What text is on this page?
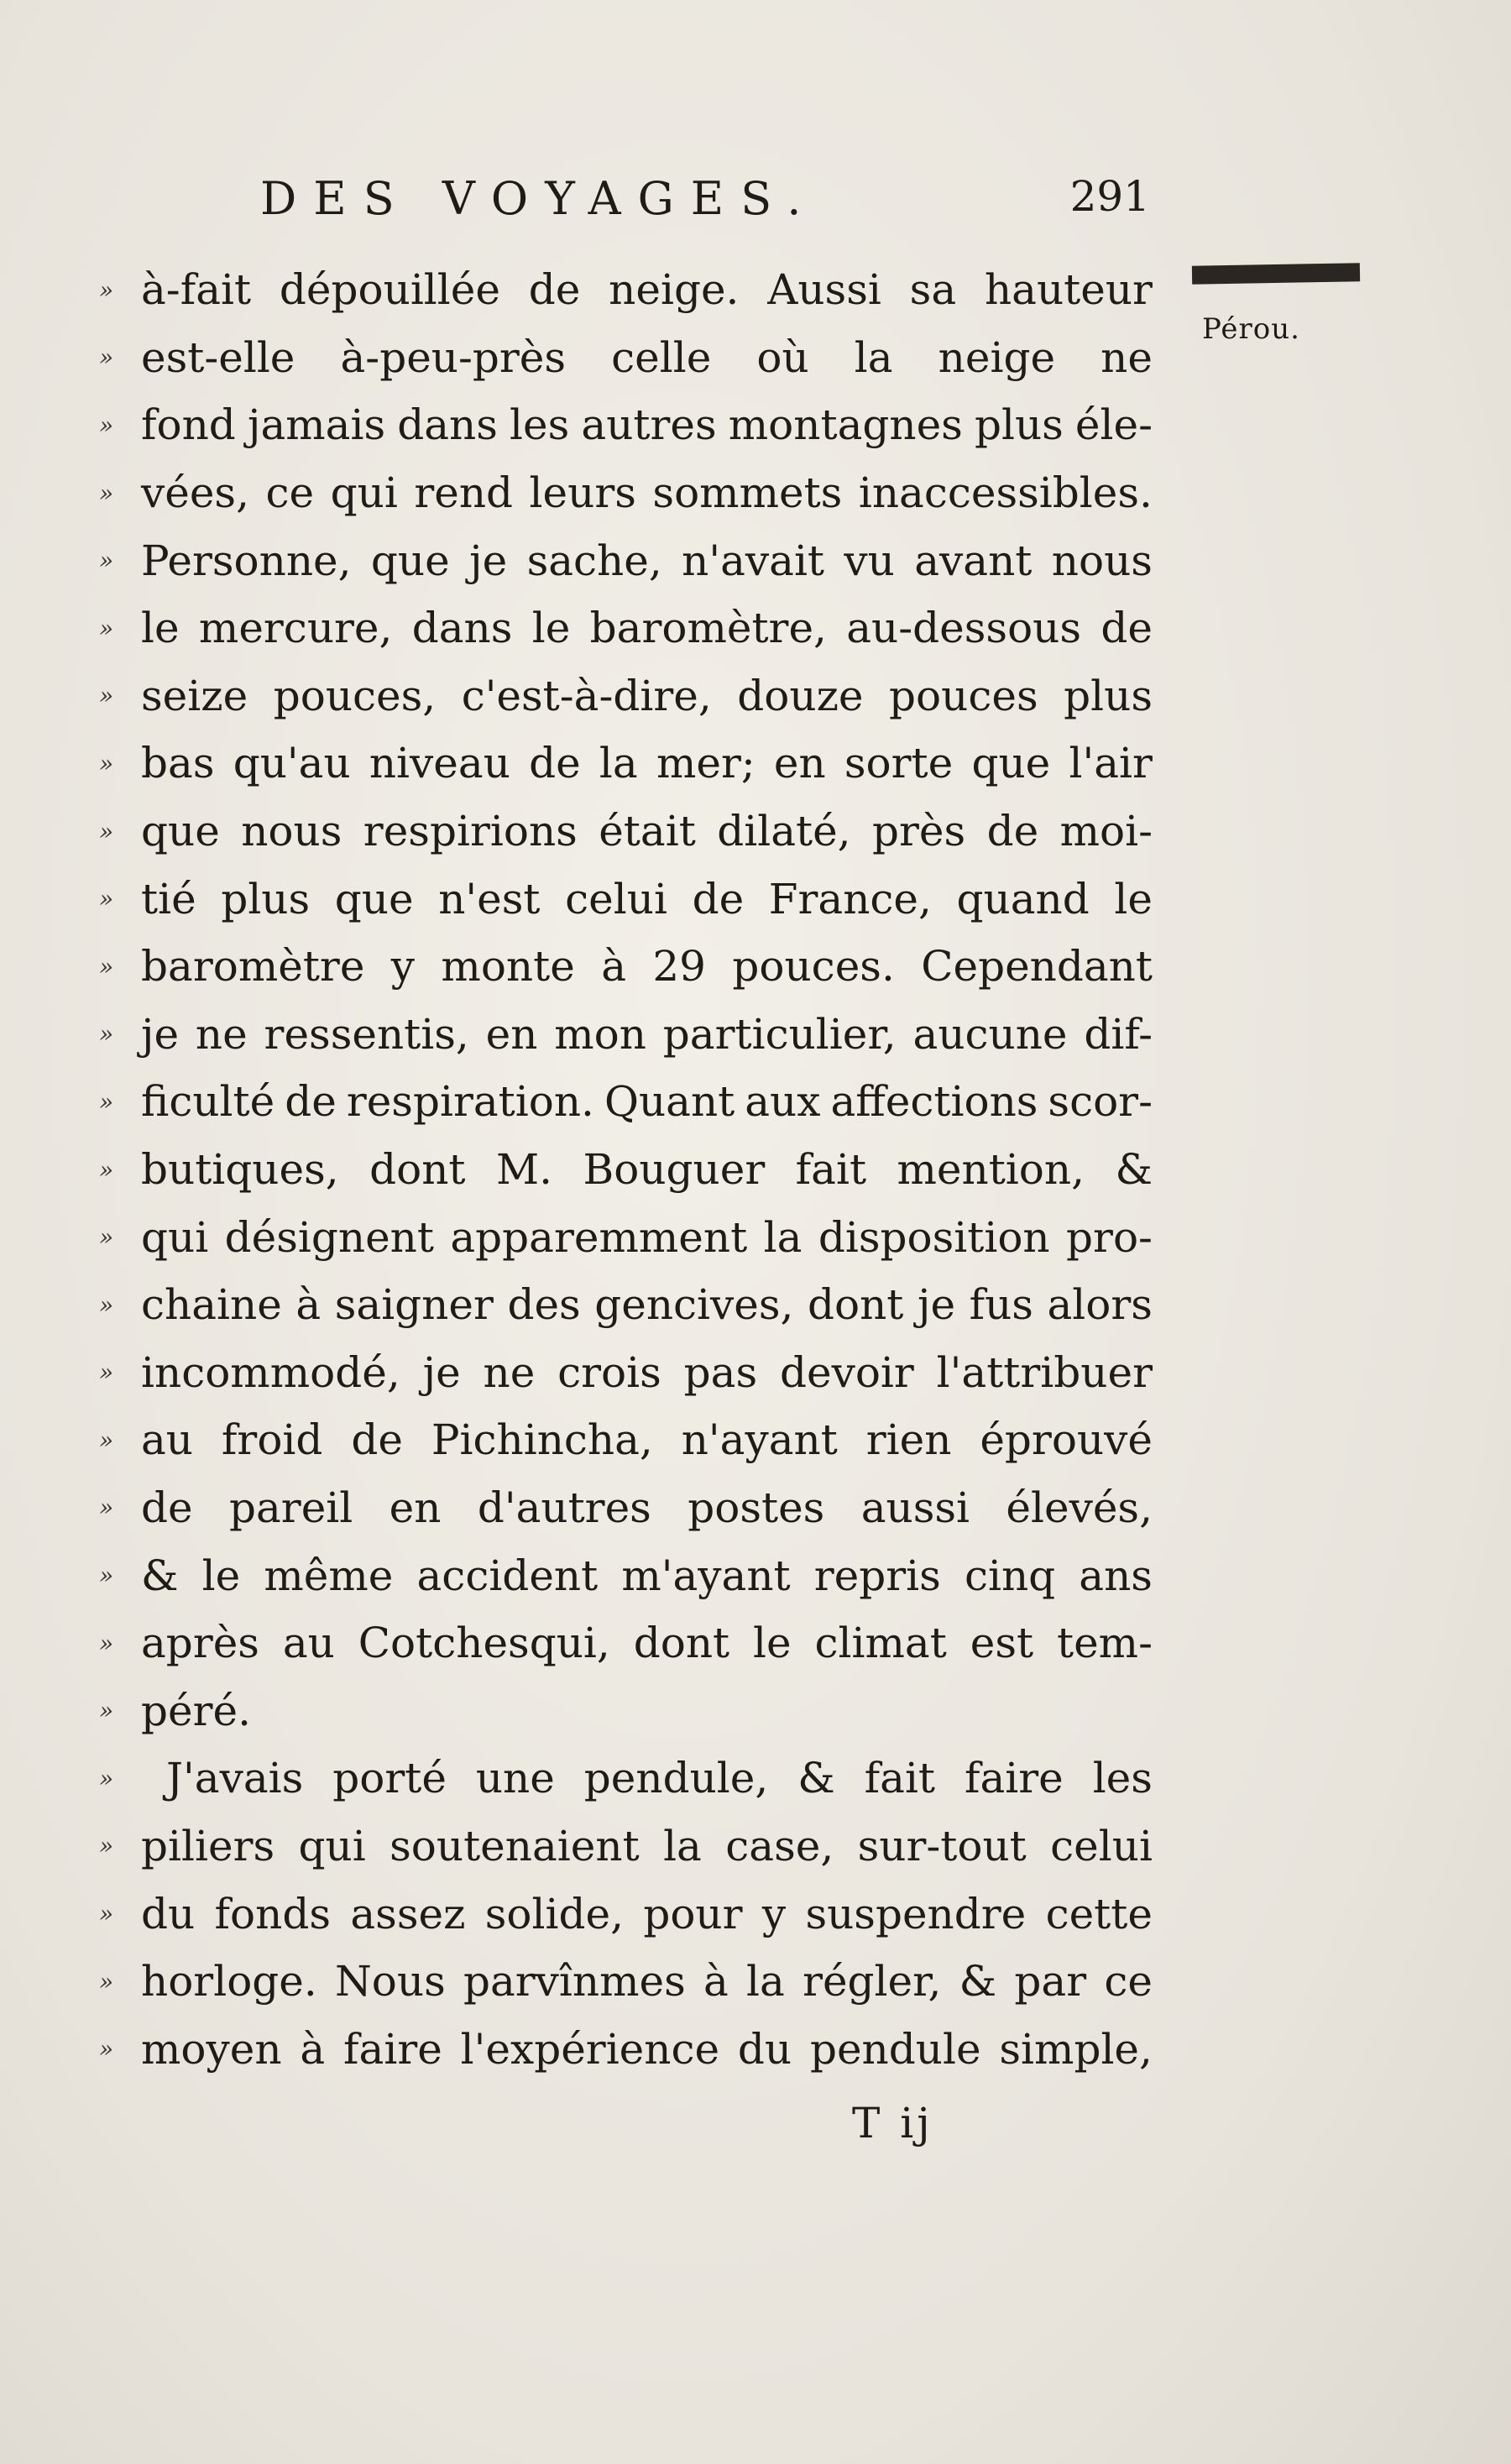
DES VOYAGES.	291
Pérou.
» à-fait dépouillée de neige. Aussi sa hauteur
» est-elle à-peu-près celle où la neige ne
» fond jamais dans les autres montagnes plus éle-
» vées, ce qui rend leurs sommets inaccessibles.
» Personne, que je sache, n'avait vu avant nous
» le mercure, dans le baromètre, au-dessous de
» seize pouces, c'est-à-dire, douze pouces plus
» bas qu'au niveau de la mer; en sorte que l'air
» que nous respirions était dilaté, près de moi-
» tié plus que n'est celui de France, quand le
» baromètre y monte à 29 pouces. Cependant
» je ne ressentis, en mon particulier, aucune dif-
» ficulté de respiration. Quant aux affections scor-
» butiques, dont M. Bouguer fait mention, &
» qui désignent apparemment la disposition pro-
» chaine à saigner des gencives, dont je fus alors
» incommodé, je ne crois pas devoir l'attribuer
» au froid de Pichincha, n'ayant rien éprouvé
» de pareil en d'autres postes aussi élevés,
» & le même accident m'ayant repris cinq ans
» après au Cotchesqui, dont le climat est tem-
» péré.
»	J'avais porté une pendule, & fait faire les
» piliers qui soutenaient la case, sur-tout celui
» du fonds assez solide, pour y suspendre cette
» horloge. Nous parvînmes à la régler, & par ce
» moyen à faire l'expérience du pendule simple,
T ij
